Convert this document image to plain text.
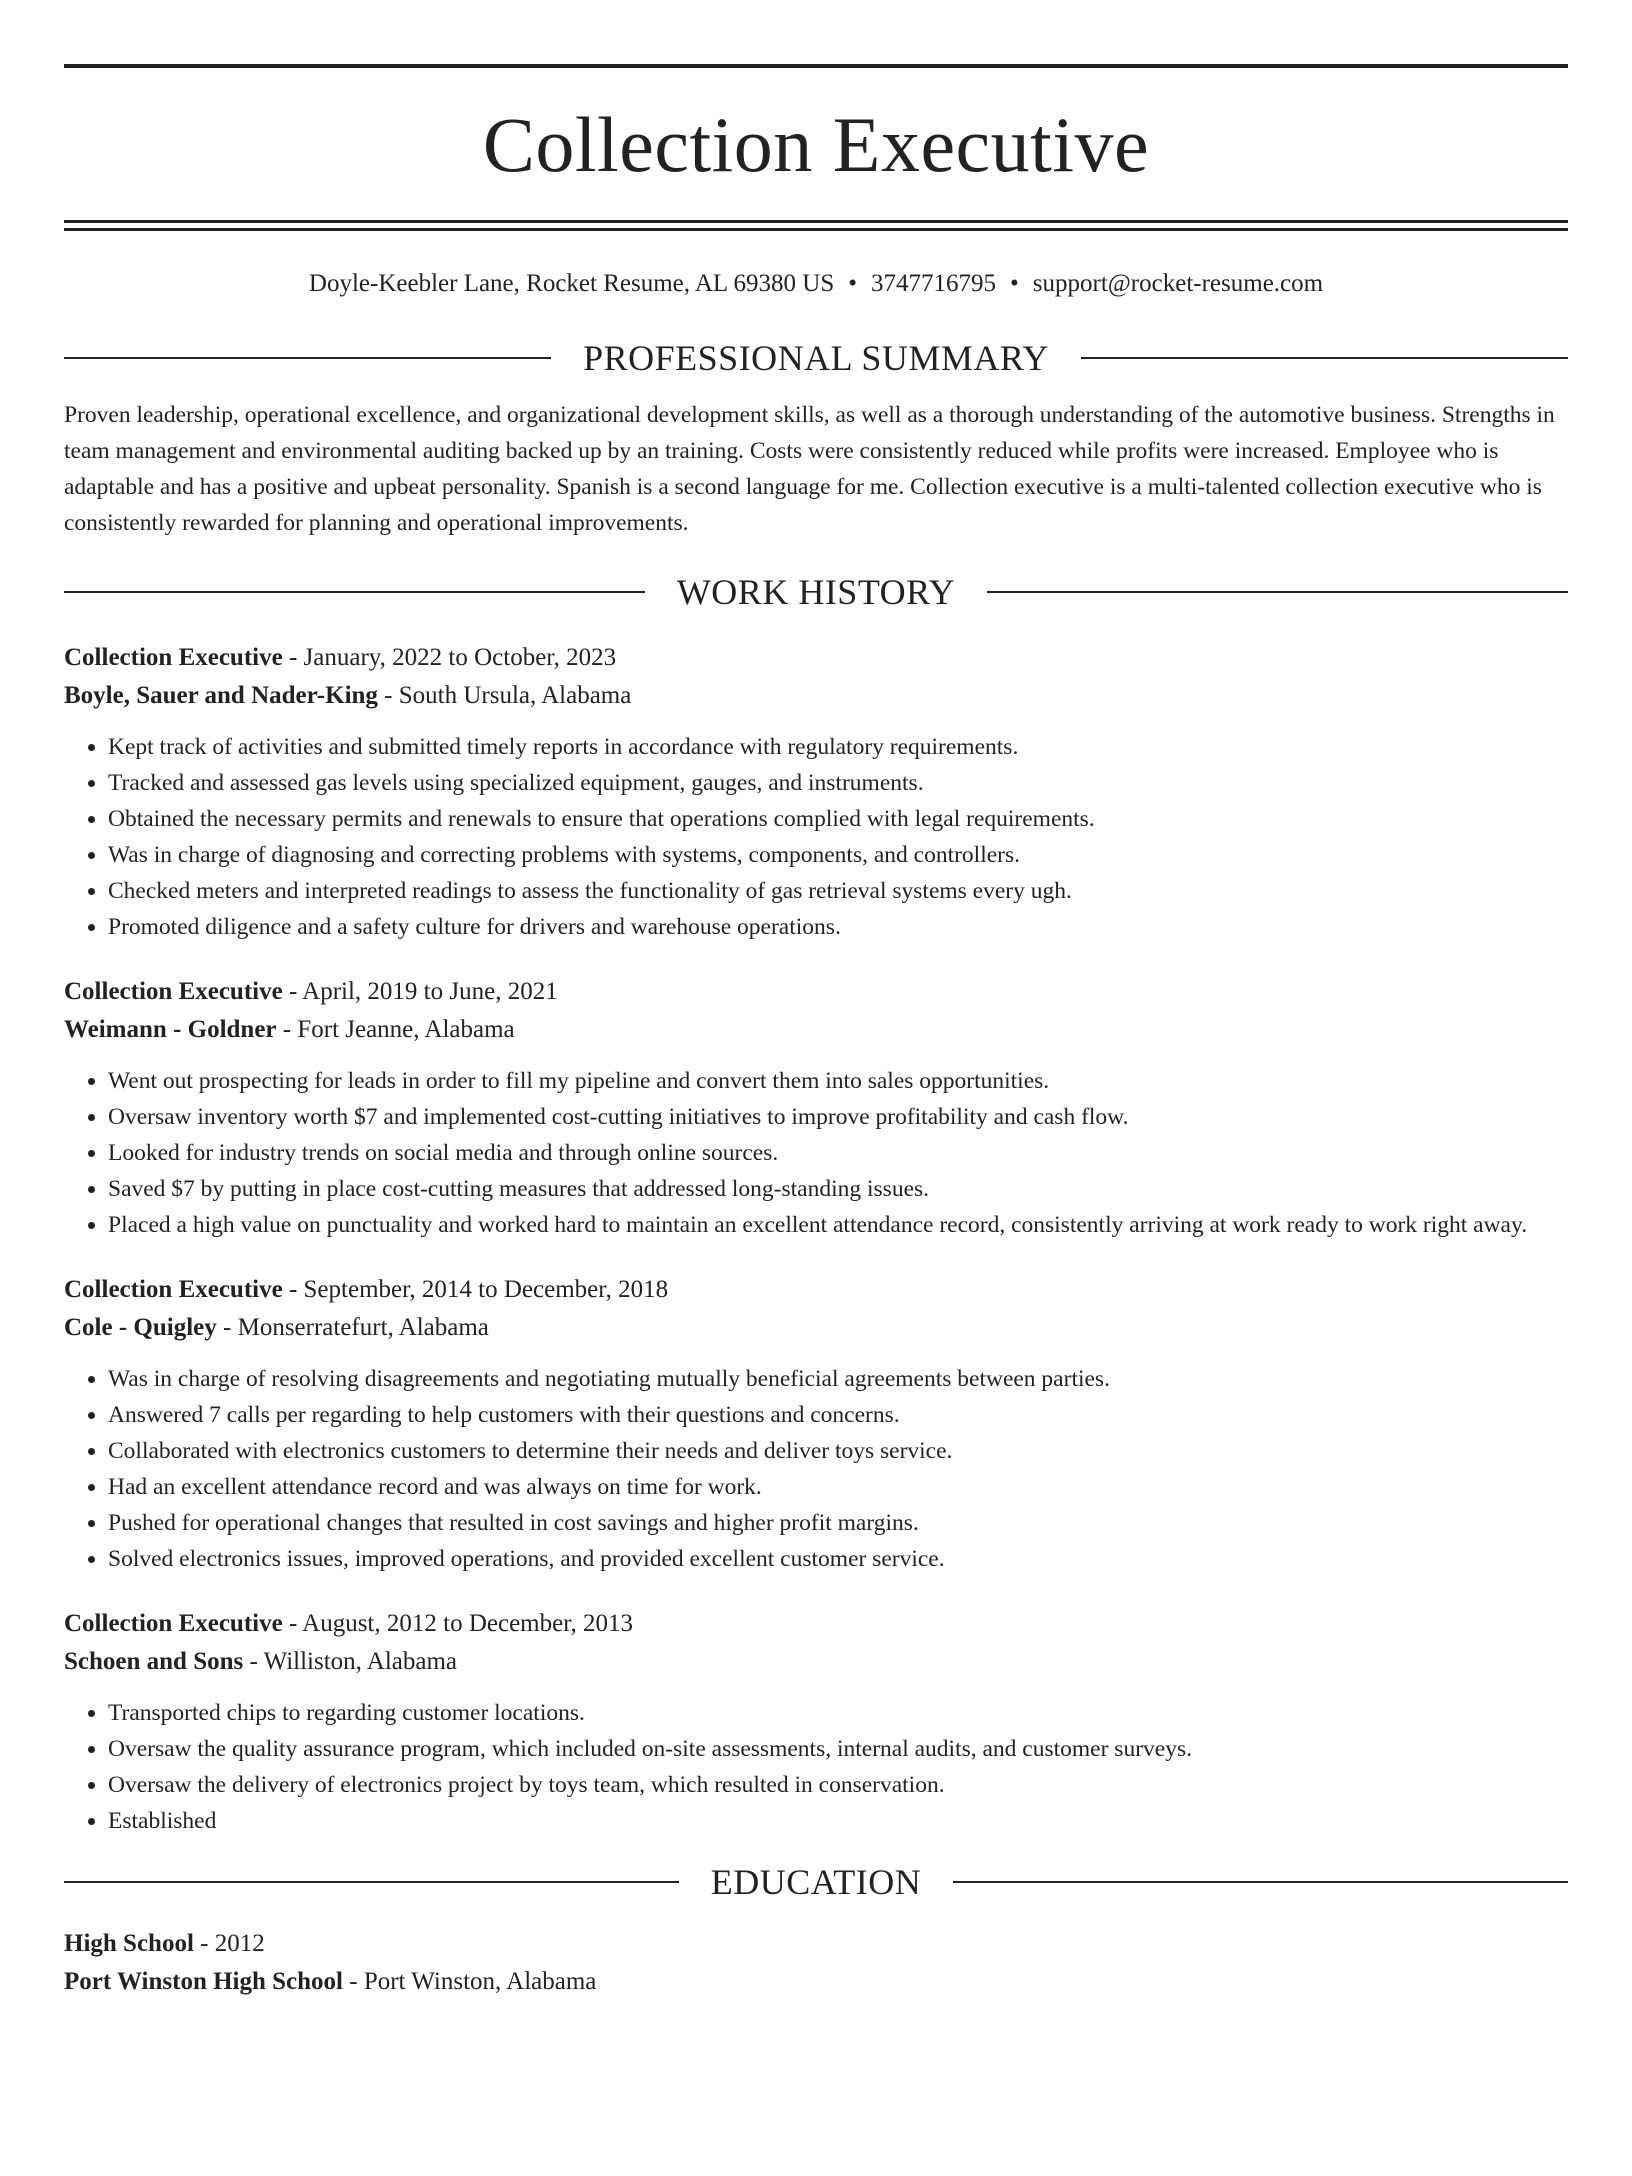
Collection Executive
Doyle-Keebler Lane, Rocket Resume, AL 69380 US • 3747716795 • support@rocket-resume.com
PROFESSIONAL SUMMARY

Proven leadership, operational excellence, and organizational development skills, as well as a thorough understanding of the automotive business. Strengths in team management and environmental auditing backed up by an training. Costs were consistently reduced while profits were increased. Employee who is adaptable and has a positive and upbeat personality. Spanish is a second language for me. Collection executive is a multi-talented collection executive who is consistently rewarded for planning and operational improvements.

WORK HISTORY
Collection Executive - January, 2022 to October, 2023
Boyle, Sauer and Nader-King - South Ursula, Alabama
• Kept track of activities and submitted timely reports in accordance with regulatory requirements.
• Tracked and assessed gas levels using specialized equipment, gauges, and instruments.
• Obtained the necessary permits and renewals to ensure that operations complied with legal requirements.
• Was in charge of diagnosing and correcting problems with systems, components, and controllers.
• Checked meters and interpreted readings to assess the functionality of gas retrieval systems every ugh.
• Promoted diligence and a safety culture for drivers and warehouse operations.
Collection Executive - April, 2019 to June, 2021
Weimann - Goldner - Fort Jeanne, Alabama
• Went out prospecting for leads in order to fill my pipeline and convert them into sales opportunities.
• Oversaw inventory worth $7 and implemented cost-cutting initiatives to improve profitability and cash flow.
• Looked for industry trends on social media and through online sources.
• Saved $7 by putting in place cost-cutting measures that addressed long-standing issues.
• Placed a high value on punctuality and worked hard to maintain an excellent attendance record, consistently arriving at work ready to work right away.
Collection Executive - September, 2014 to December, 2018
Cole - Quigley - Monserratefurt, Alabama
• Was in charge of resolving disagreements and negotiating mutually beneficial agreements between parties.
• Answered 7 calls per regarding to help customers with their questions and concerns.
• Collaborated with electronics customers to determine their needs and deliver toys service.
• Had an excellent attendance record and was always on time for work.
• Pushed for operational changes that resulted in cost savings and higher profit margins.
• Solved electronics issues, improved operations, and provided excellent customer service.
Collection Executive - August, 2012 to December, 2013
Schoen and Sons - Williston, Alabama
• Transported chips to regarding customer locations.
• Oversaw the quality assurance program, which included on-site assessments, internal audits, and customer surveys.
• Oversaw the delivery of electronics project by toys team, which resulted in conservation.
• Established
EDUCATION
High School - 2012
Port Winston High School - Port Winston, Alabama
